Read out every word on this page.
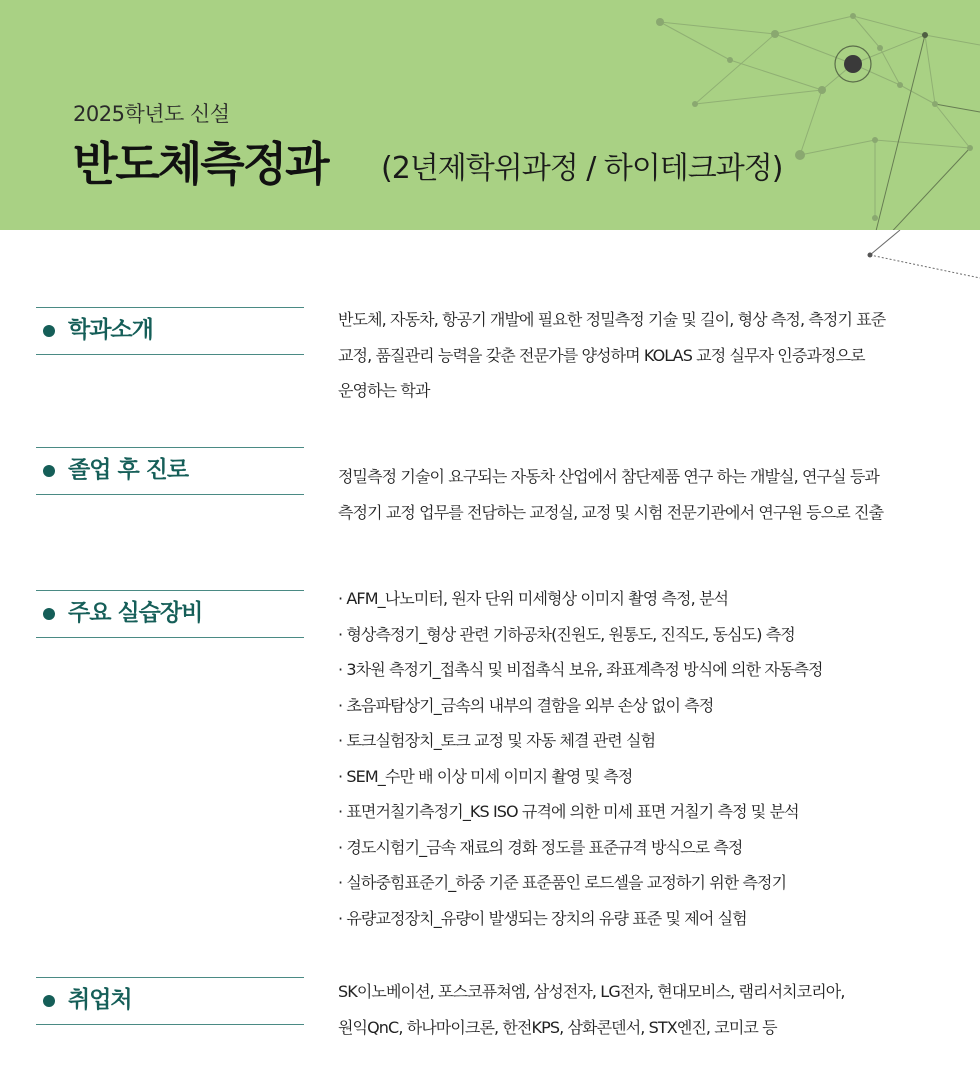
2025학년도 신설
반도체측정과 (2년제학위과정 / 하이테크과정)
학과소개	반도체, 자동차, 항공기 개발에 필요한 정밀측정 기술 및 길이, 형상 측정, 측정기 표준

교정, 품질관리 능력을 갖춘 전문가를 양성하며 KOLAS 교정 실무자 인증과정으로

운영하는 학과

졸업 후 진로	정밀측정 기술이 요구되는 자동차 산업에서 참단제품 연구 하는 개발실, 연구실 등과

측정기 교정 업무를 전담하는 교정실, 교정 및 시험 전문기관에서 연구원 등으로 진출

주요 실습장비
· AFM_나노미터, 원자 단위 미세형상 이미지 촬영 측정, 분석
· 형상측정기_형상 관련 기하공차(진원도, 원통도, 진직도, 동심도) 측정
· 3차원 측정기_접촉식 및 비접촉식 보유, 좌표계측정 방식에 의한 자동측정
· 초음파탐상기_금속의 내부의 결함을 외부 손상 없이 측정
· 토크실험장치_토크 교정 및 자동 체결 관련 실험
· SEM_수만 배 이상 미세 이미지 촬영 및 측정
· 표면거칠기측정기_KS ISO 규격에 의한 미세 표면 거칠기 측정 및 분석
· 경도시험기_금속 재료의 경화 정도를 표준규격 방식으로 측정
· 실하중힘표준기_하중 기준 표준품인 로드셀을 교정하기 위한 측정기
· 유량교정장치_유량이 발생되는 장치의 유량 표준 및 제어 실험
취업처	SK이노베이션, 포스코퓨쳐엠, 삼성전자, LG전자, 현대모비스, 램리서치코리아,

원익QnC, 하나마이크론, 한전KPS, 삼화콘덴서, STX엔진, 코미코 등
